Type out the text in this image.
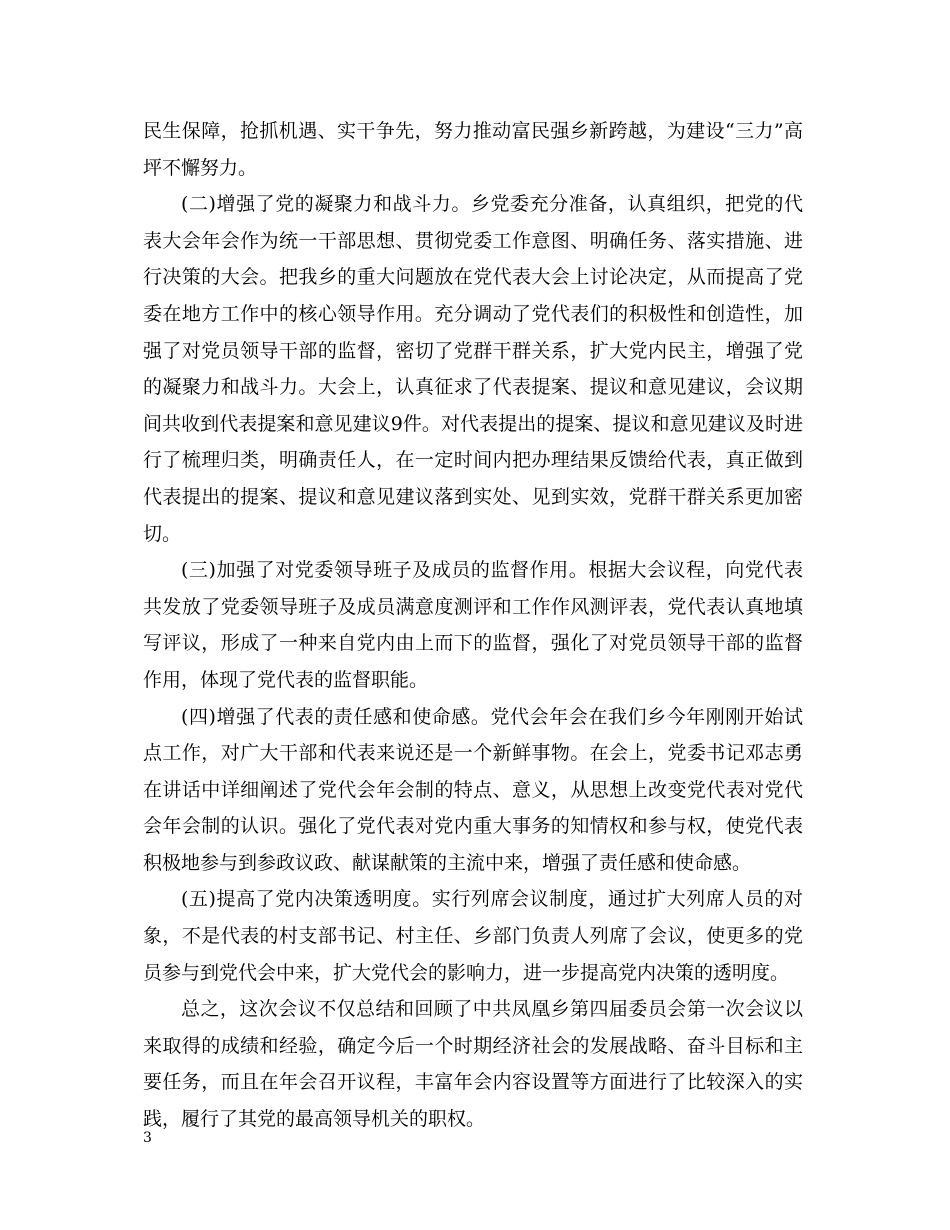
民生保障，抢抓机遇、实干争先，努力推动富民强乡新跨越，为建设“三力”高坪不懈努力。

(二)增强了党的凝聚力和战斗力。乡党委充分准备，认真组织，把党的代表大会年会作为统一干部思想、贯彻党委工作意图、明确任务、落实措施、进行决策的大会。把我乡的重大问题放在党代表大会上讨论决定，从而提高了党委在地方工作中的核心领导作用。充分调动了党代表们的积极性和创造性，加强了对党员领导干部的监督，密切了党群干群关系，扩大党内民主，增强了党的凝聚力和战斗力。大会上，认真征求了代表提案、提议和意见建议，会议期间共收到代表提案和意见建议9件。对代表提出的提案、提议和意见建议及时进行了梳理归类，明确责任人，在一定时间内把办理结果反馈给代表，真正做到代表提出的提案、提议和意见建议落到实处、见到实效，党群干群关系更加密切。

(三)加强了对党委领导班子及成员的监督作用。根据大会议程，向党代表共发放了党委领导班子及成员满意度测评和工作作风测评表，党代表认真地填写评议，形成了一种来自党内由上而下的监督，强化了对党员领导干部的监督作用，体现了党代表的监督职能。

(四)增强了代表的责任感和使命感。党代会年会在我们乡今年刚刚开始试点工作，对广大干部和代表来说还是一个新鲜事物。在会上，党委书记邓志勇在讲话中详细阐述了党代会年会制的特点、意义，从思想上改变党代表对党代会年会制的认识。强化了党代表对党内重大事务的知情权和参与权，使党代表积极地参与到参政议政、献谋献策的主流中来，增强了责任感和使命感。

(五)提高了党内决策透明度。实行列席会议制度，通过扩大列席人员的对象，不是代表的村支部书记、村主任、乡部门负责人列席了会议，使更多的党员参与到党代会中来，扩大党代会的影响力，进一步提高党内决策的透明度。

总之，这次会议不仅总结和回顾了中共凤凰乡第四届委员会第一次会议以来取得的成绩和经验，确定今后一个时期经济社会的发展战略、奋斗目标和主要任务，而且在年会召开议程，丰富年会内容设置等方面进行了比较深入的实践，履行了其党的最高领导机关的职权。

3
